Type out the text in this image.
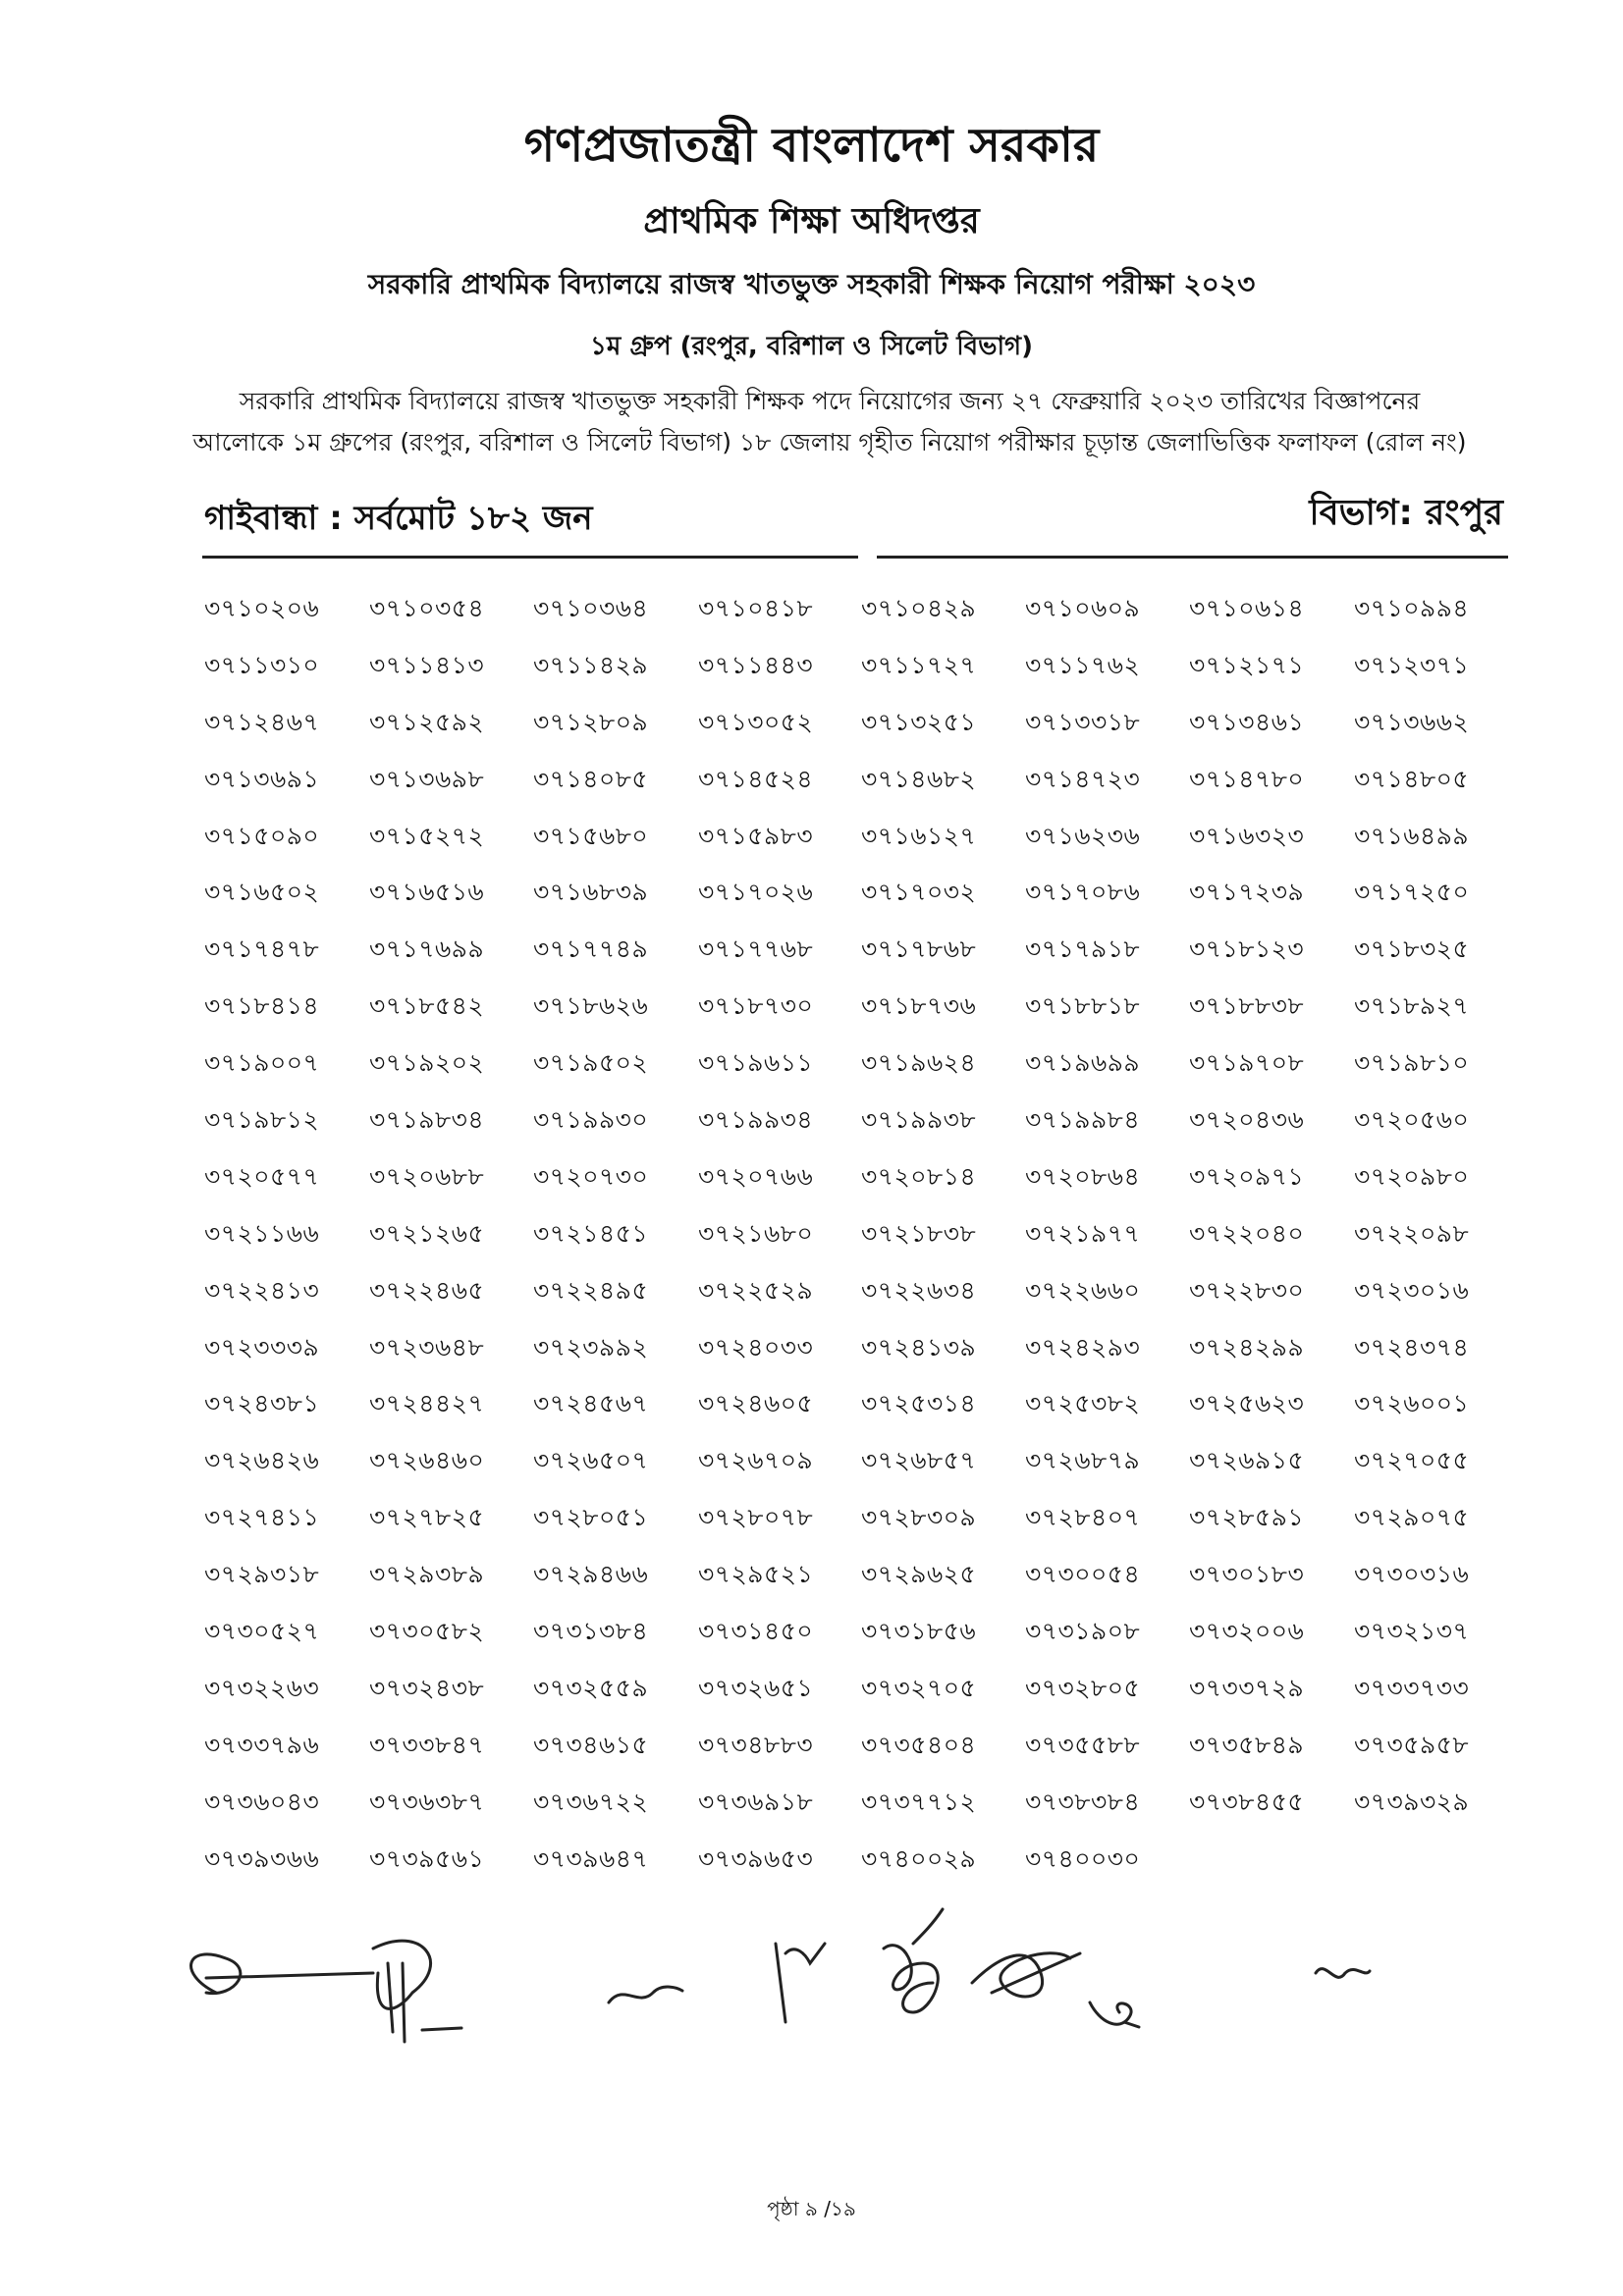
গণপ্রজাতন্ত্রী বাংলাদেশ সরকার
প্রাথমিক শিক্ষা অধিদপ্তর
সরকারি প্রাথমিক বিদ্যালয়ে রাজস্ব খাতভুক্ত সহকারী শিক্ষক নিয়োগ পরীক্ষা ২০২৩
১ম গ্রুপ (রংপুর, বরিশাল ও সিলেট বিভাগ)
সরকারি প্রাথমিক বিদ্যালয়ে রাজস্ব খাতভুক্ত সহকারী শিক্ষক পদে নিয়োগের জন্য ২৭ ফেব্রুয়ারি ২০২৩ তারিখের বিজ্ঞাপনের
আলোকে ১ম গ্রুপের (রংপুর, বরিশাল ও সিলেট বিভাগ) ১৮ জেলায় গৃহীত নিয়োগ পরীক্ষার চূড়ান্ত জেলাভিত্তিক ফলাফল (রোল নং)
গাইবান্ধা : সর্বমোট ১৮২ জন	বিভাগ: রংপুর
৩৭১০২০৬ ৩৭১০৩৫৪ ৩৭১০৩৬৪ ৩৭১০৪১৮ ৩৭১০৪২৯ ৩৭১০৬০৯ ৩৭১০৬১৪ ৩৭১০৯৯৪
৩৭১১৩১০ ৩৭১১৪১৩ ৩৭১১৪২৯ ৩৭১১৪৪৩ ৩৭১১৭২৭ ৩৭১১৭৬২ ৩৭১২১৭১ ৩৭১২৩৭১
৩৭১২৪৬৭ ৩৭১২৫৯২ ৩৭১২৮০৯ ৩৭১৩০৫২ ৩৭১৩২৫১ ৩৭১৩৩১৮ ৩৭১৩৪৬১ ৩৭১৩৬৬২
৩৭১৩৬৯১ ৩৭১৩৬৯৮ ৩৭১৪০৮৫ ৩৭১৪৫২৪ ৩৭১৪৬৮২ ৩৭১৪৭২৩ ৩৭১৪৭৮০ ৩৭১৪৮০৫
৩৭১৫০৯০ ৩৭১৫২৭২ ৩৭১৫৬৮০ ৩৭১৫৯৮৩ ৩৭১৬১২৭ ৩৭১৬২৩৬ ৩৭১৬৩২৩ ৩৭১৬৪৯৯
৩৭১৬৫০২ ৩৭১৬৫১৬ ৩৭১৬৮৩৯ ৩৭১৭০২৬ ৩৭১৭০৩২ ৩৭১৭০৮৬ ৩৭১৭২৩৯ ৩৭১৭২৫০
৩৭১৭৪৭৮ ৩৭১৭৬৯৯ ৩৭১৭৭৪৯ ৩৭১৭৭৬৮ ৩৭১৭৮৬৮ ৩৭১৭৯১৮ ৩৭১৮১২৩ ৩৭১৮৩২৫
৩৭১৮৪১৪ ৩৭১৮৫৪২ ৩৭১৮৬২৬ ৩৭১৮৭৩০ ৩৭১৮৭৩৬ ৩৭১৮৮১৮ ৩৭১৮৮৩৮ ৩৭১৮৯২৭
৩৭১৯০০৭ ৩৭১৯২০২ ৩৭১৯৫০২ ৩৭১৯৬১১ ৩৭১৯৬২৪ ৩৭১৯৬৯৯ ৩৭১৯৭০৮ ৩৭১৯৮১০
৩৭১৯৮১২ ৩৭১৯৮৩৪ ৩৭১৯৯৩০ ৩৭১৯৯৩৪ ৩৭১৯৯৩৮ ৩৭১৯৯৮৪ ৩৭২০৪৩৬ ৩৭২০৫৬০
৩৭২০৫৭৭ ৩৭২০৬৮৮ ৩৭২০৭৩০ ৩৭২০৭৬৬ ৩৭২০৮১৪ ৩৭২০৮৬৪ ৩৭২০৯৭১ ৩৭২০৯৮০
৩৭২১১৬৬ ৩৭২১২৬৫ ৩৭২১৪৫১ ৩৭২১৬৮০ ৩৭২১৮৩৮ ৩৭২১৯৭৭ ৩৭২২০৪০ ৩৭২২০৯৮
৩৭২২৪১৩ ৩৭২২৪৬৫ ৩৭২২৪৯৫ ৩৭২২৫২৯ ৩৭২২৬৩৪ ৩৭২২৬৬০ ৩৭২২৮৩০ ৩৭২৩০১৬
৩৭২৩৩৩৯ ৩৭২৩৬৪৮ ৩৭২৩৯৯২ ৩৭২৪০৩৩ ৩৭২৪১৩৯ ৩৭২৪২৯৩ ৩৭২৪২৯৯ ৩৭২৪৩৭৪
৩৭২৪৩৮১ ৩৭২৪৪২৭ ৩৭২৪৫৬৭ ৩৭২৪৬০৫ ৩৭২৫৩১৪ ৩৭২৫৩৮২ ৩৭২৫৬২৩ ৩৭২৬০০১
৩৭২৬৪২৬ ৩৭২৬৪৬০ ৩৭২৬৫০৭ ৩৭২৬৭০৯ ৩৭২৬৮৫৭ ৩৭২৬৮৭৯ ৩৭২৬৯১৫ ৩৭২৭০৫৫
৩৭২৭৪১১ ৩৭২৭৮২৫ ৩৭২৮০৫১ ৩৭২৮০৭৮ ৩৭২৮৩০৯ ৩৭২৮৪০৭ ৩৭২৮৫৯১ ৩৭২৯০৭৫
৩৭২৯৩১৮ ৩৭২৯৩৮৯ ৩৭২৯৪৬৬ ৩৭২৯৫২১ ৩৭২৯৬২৫ ৩৭৩০০৫৪ ৩৭৩০১৮৩ ৩৭৩০৩১৬
৩৭৩০৫২৭ ৩৭৩০৫৮২ ৩৭৩১৩৮৪ ৩৭৩১৪৫০ ৩৭৩১৮৫৬ ৩৭৩১৯০৮ ৩৭৩২০০৬ ৩৭৩২১৩৭
৩৭৩২২৬৩ ৩৭৩২৪৩৮ ৩৭৩২৫৫৯ ৩৭৩২৬৫১ ৩৭৩২৭০৫ ৩৭৩২৮০৫ ৩৭৩৩৭২৯ ৩৭৩৩৭৩৩
৩৭৩৩৭৯৬ ৩৭৩৩৮৪৭ ৩৭৩৪৬১৫ ৩৭৩৪৮৮৩ ৩৭৩৫৪০৪ ৩৭৩৫৫৮৮ ৩৭৩৫৮৪৯ ৩৭৩৫৯৫৮
৩৭৩৬০৪৩ ৩৭৩৬৩৮৭ ৩৭৩৬৭২২ ৩৭৩৬৯১৮ ৩৭৩৭৭১২ ৩৭৩৮৩৮৪ ৩৭৩৮৪৫৫ ৩৭৩৯৩২৯
৩৭৩৯৩৬৬ ৩৭৩৯৫৬১ ৩৭৩৯৬৪৭ ৩৭৩৯৬৫৩ ৩৭৪০০২৯ ৩৭৪০০৩০
পৃষ্ঠা ৯ /১৯
